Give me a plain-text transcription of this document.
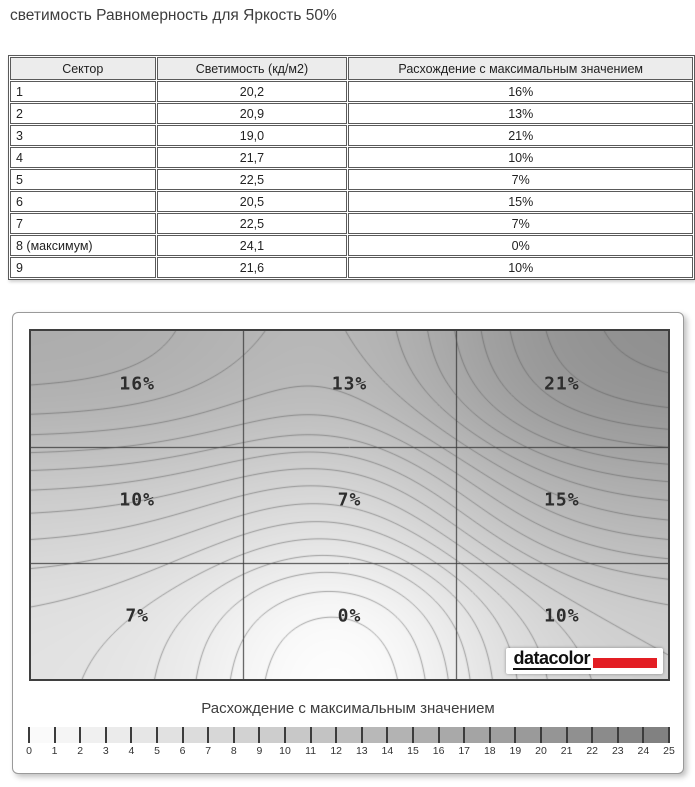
светимость Равномерность для Яркость 50%
Сектор	Светимость (кд/м2)	Расхождение с максимальным значением
1	20,2	16%
2	20,9	13%
3	19,0	21%
4	21,7	10%
5	22,5	7%
6	20,5	15%
7	22,5	7%
8 (максимум)	24,1	0%
9	21,6	10%
16%	13%	21%
10%	7%	15%
7%	0%	10%
datacolor
Расхождение с максимальным значением
0 1 2 3 4 5 6 7 8 9 10 11 12 13 14 15 16 17 18 19 20 21 22 23 24 25
